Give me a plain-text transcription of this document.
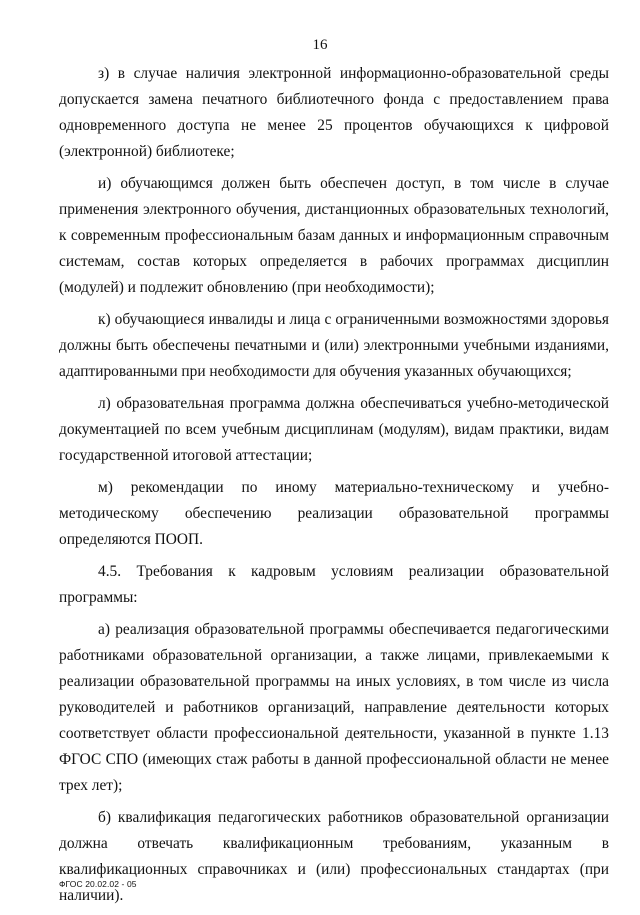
16

з) в случае наличия электронной информационно-образовательной среды допускается замена печатного библиотечного фонда с предоставлением права одновременного доступа не менее 25 процентов обучающихся к цифровой (электронной) библиотеке;

и) обучающимся должен быть обеспечен доступ, в том числе в случае применения электронного обучения, дистанционных образовательных технологий, к современным профессиональным базам данных и информационным справочным системам, состав которых определяется в рабочих программах дисциплин (модулей) и подлежит обновлению (при необходимости);

к) обучающиеся инвалиды и лица с ограниченными возможностями здоровья должны быть обеспечены печатными и (или) электронными учебными изданиями, адаптированными при необходимости для обучения указанных обучающихся;

л) образовательная программа должна обеспечиваться учебно-методической документацией по всем учебным дисциплинам (модулям), видам практики, видам государственной итоговой аттестации;

м) рекомендации по иному материально-техническому и учебно-методическому обеспечению реализации образовательной программы определяются ПООП.

4.5. Требования к кадровым условиям реализации образовательной программы:

а) реализация образовательной программы обеспечивается педагогическими работниками образовательной организации, а также лицами, привлекаемыми к реализации образовательной программы на иных условиях, в том числе из числа руководителей и работников организаций, направление деятельности которых соответствует области профессиональной деятельности, указанной в пункте 1.13 ФГОС СПО (имеющих стаж работы в данной профессиональной области не менее трех лет);

б) квалификация педагогических работников образовательной организации должна отвечать квалификационным требованиям, указанным в квалификационных справочниках и (или) профессиональных стандартах (при наличии).

ФГОС 20.02.02 - 05
